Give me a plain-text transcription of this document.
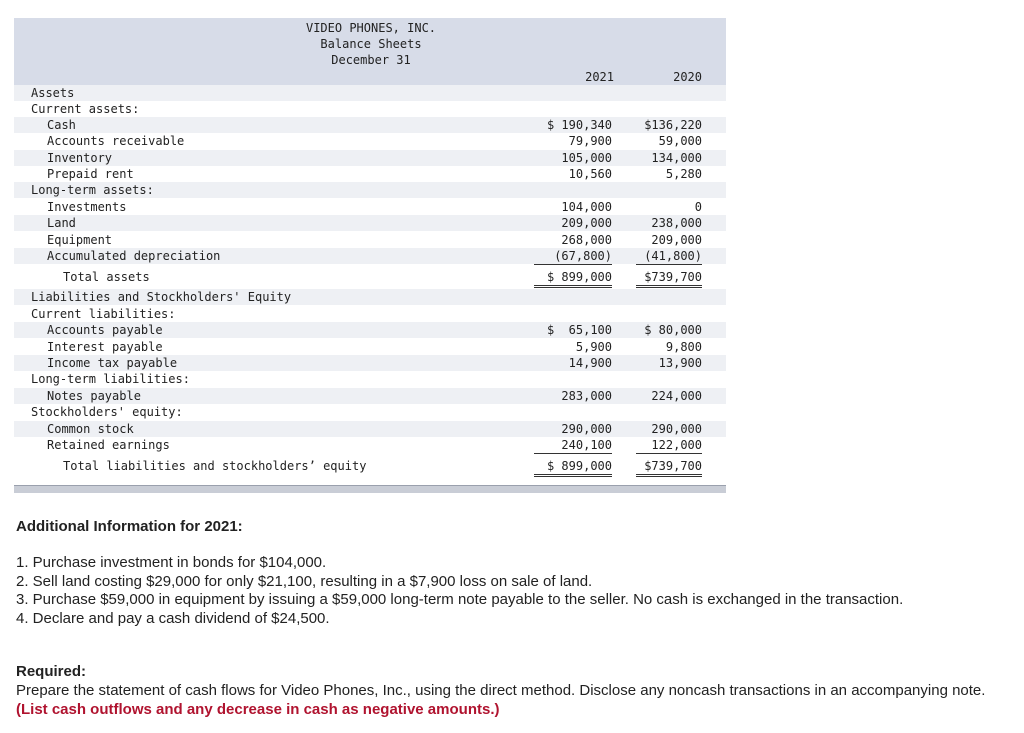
VIDEO PHONES, INC.
Balance Sheets
December 31
2021	2020
Assets
Current assets:
Cash	$ 190,340	$136,220
Accounts receivable	79,900	59,000
Inventory	105,000	134,000
Prepaid rent	10,560	5,280
Long-term assets:
Investments	104,000	0
Land	209,000	238,000
Equipment	268,000	209,000
Accumulated depreciation	(67,800)	(41,800)
Total assets	$ 899,000	$739,700
Liabilities and Stockholders' Equity
Current liabilities:
Accounts payable	$  65,100	$ 80,000
Interest payable	5,900	9,800
Income tax payable	14,900	13,900
Long-term liabilities:
Notes payable	283,000	224,000
Stockholders' equity:
Common stock	290,000	290,000
Retained earnings	240,100	122,000
Total liabilities and stockholders’ equity	$ 899,000	$739,700
Additional Information for 2021:
1. Purchase investment in bonds for $104,000.
2. Sell land costing $29,000 for only $21,100, resulting in a $7,900 loss on sale of land.
3. Purchase $59,000 in equipment by issuing a $59,000 long-term note payable to the seller. No cash is exchanged in the transaction.
4. Declare and pay a cash dividend of $24,500.
Required:
Prepare the statement of cash flows for Video Phones, Inc., using the direct method. Disclose any noncash transactions in an accompanying note. (List cash outflows and any decrease in cash as negative amounts.)
